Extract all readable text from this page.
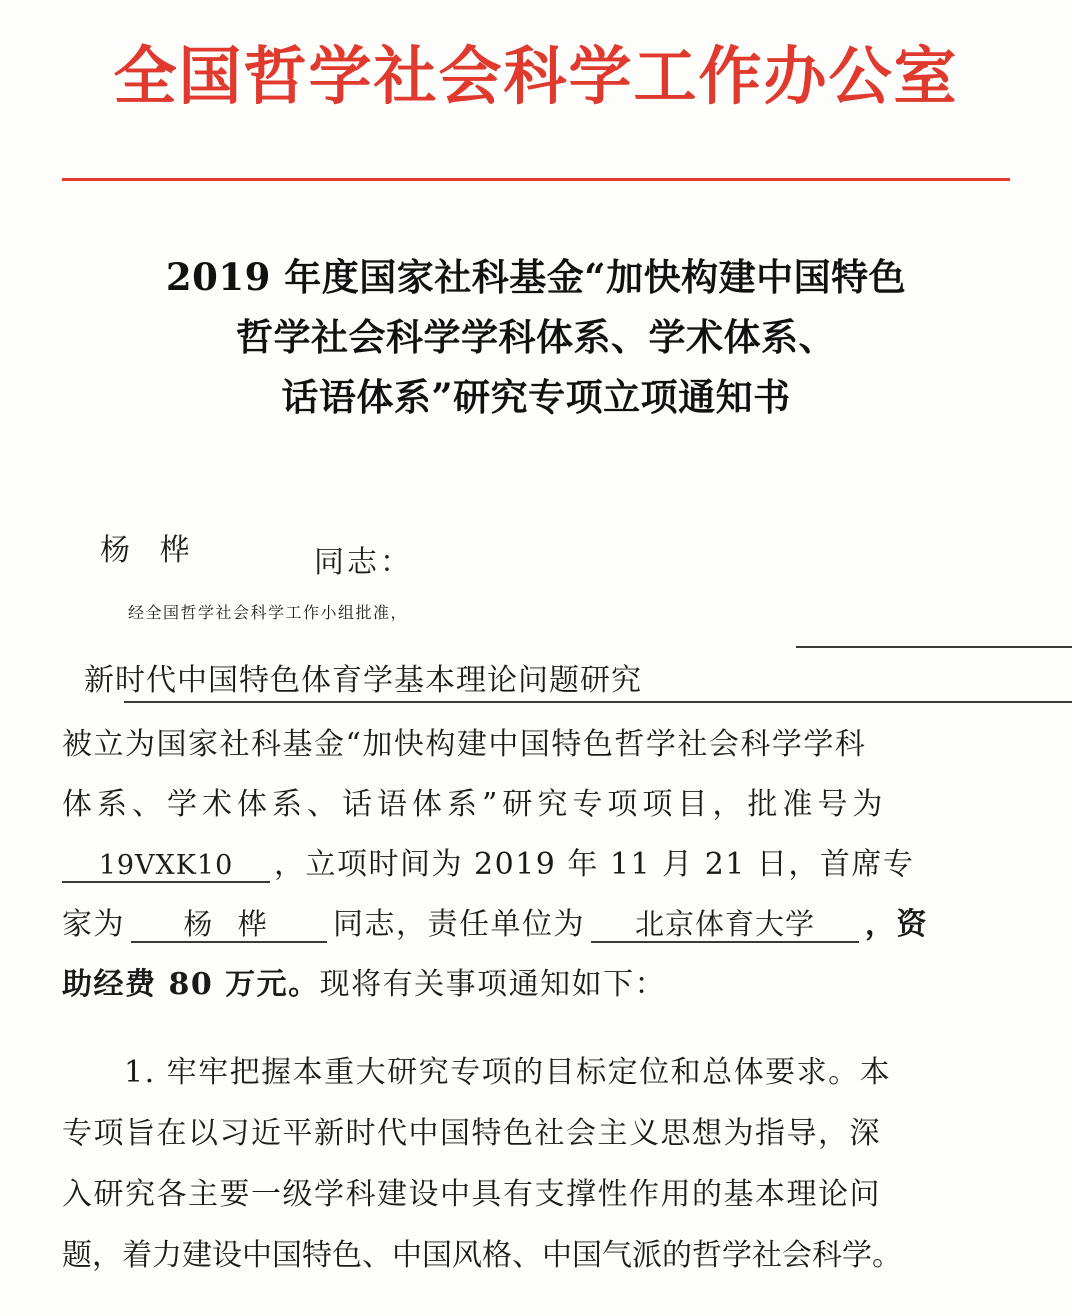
全国哲学社会科学工作办公室
2019 年度国家社科基金“加快构建中国特色
哲学社会科学学科体系、学术体系、
话语体系”研究专项立项通知书
杨 桦	同志：
经全国哲学社会科学工作小组批准，
新时代中国特色体育学基本理论问题研究
被立为国家社科基金“加快构建中国特色哲学社会科学学科
体系、学术体系、话语体系”研究专项项目，批准号为
19VXK10 ，立项时间为 2019 年 11 月 21 日，首席专
家为 杨 桦 同志，责任单位为 北京体育大学 ，资
助经费 80 万元。现将有关事项通知如下：
1. 牢牢把握本重大研究专项的目标定位和总体要求。本
专项旨在以习近平新时代中国特色社会主义思想为指导，深
入研究各主要一级学科建设中具有支撑性作用的基本理论问
题，着力建设中国特色、中国风格、中国气派的哲学社会科学。
